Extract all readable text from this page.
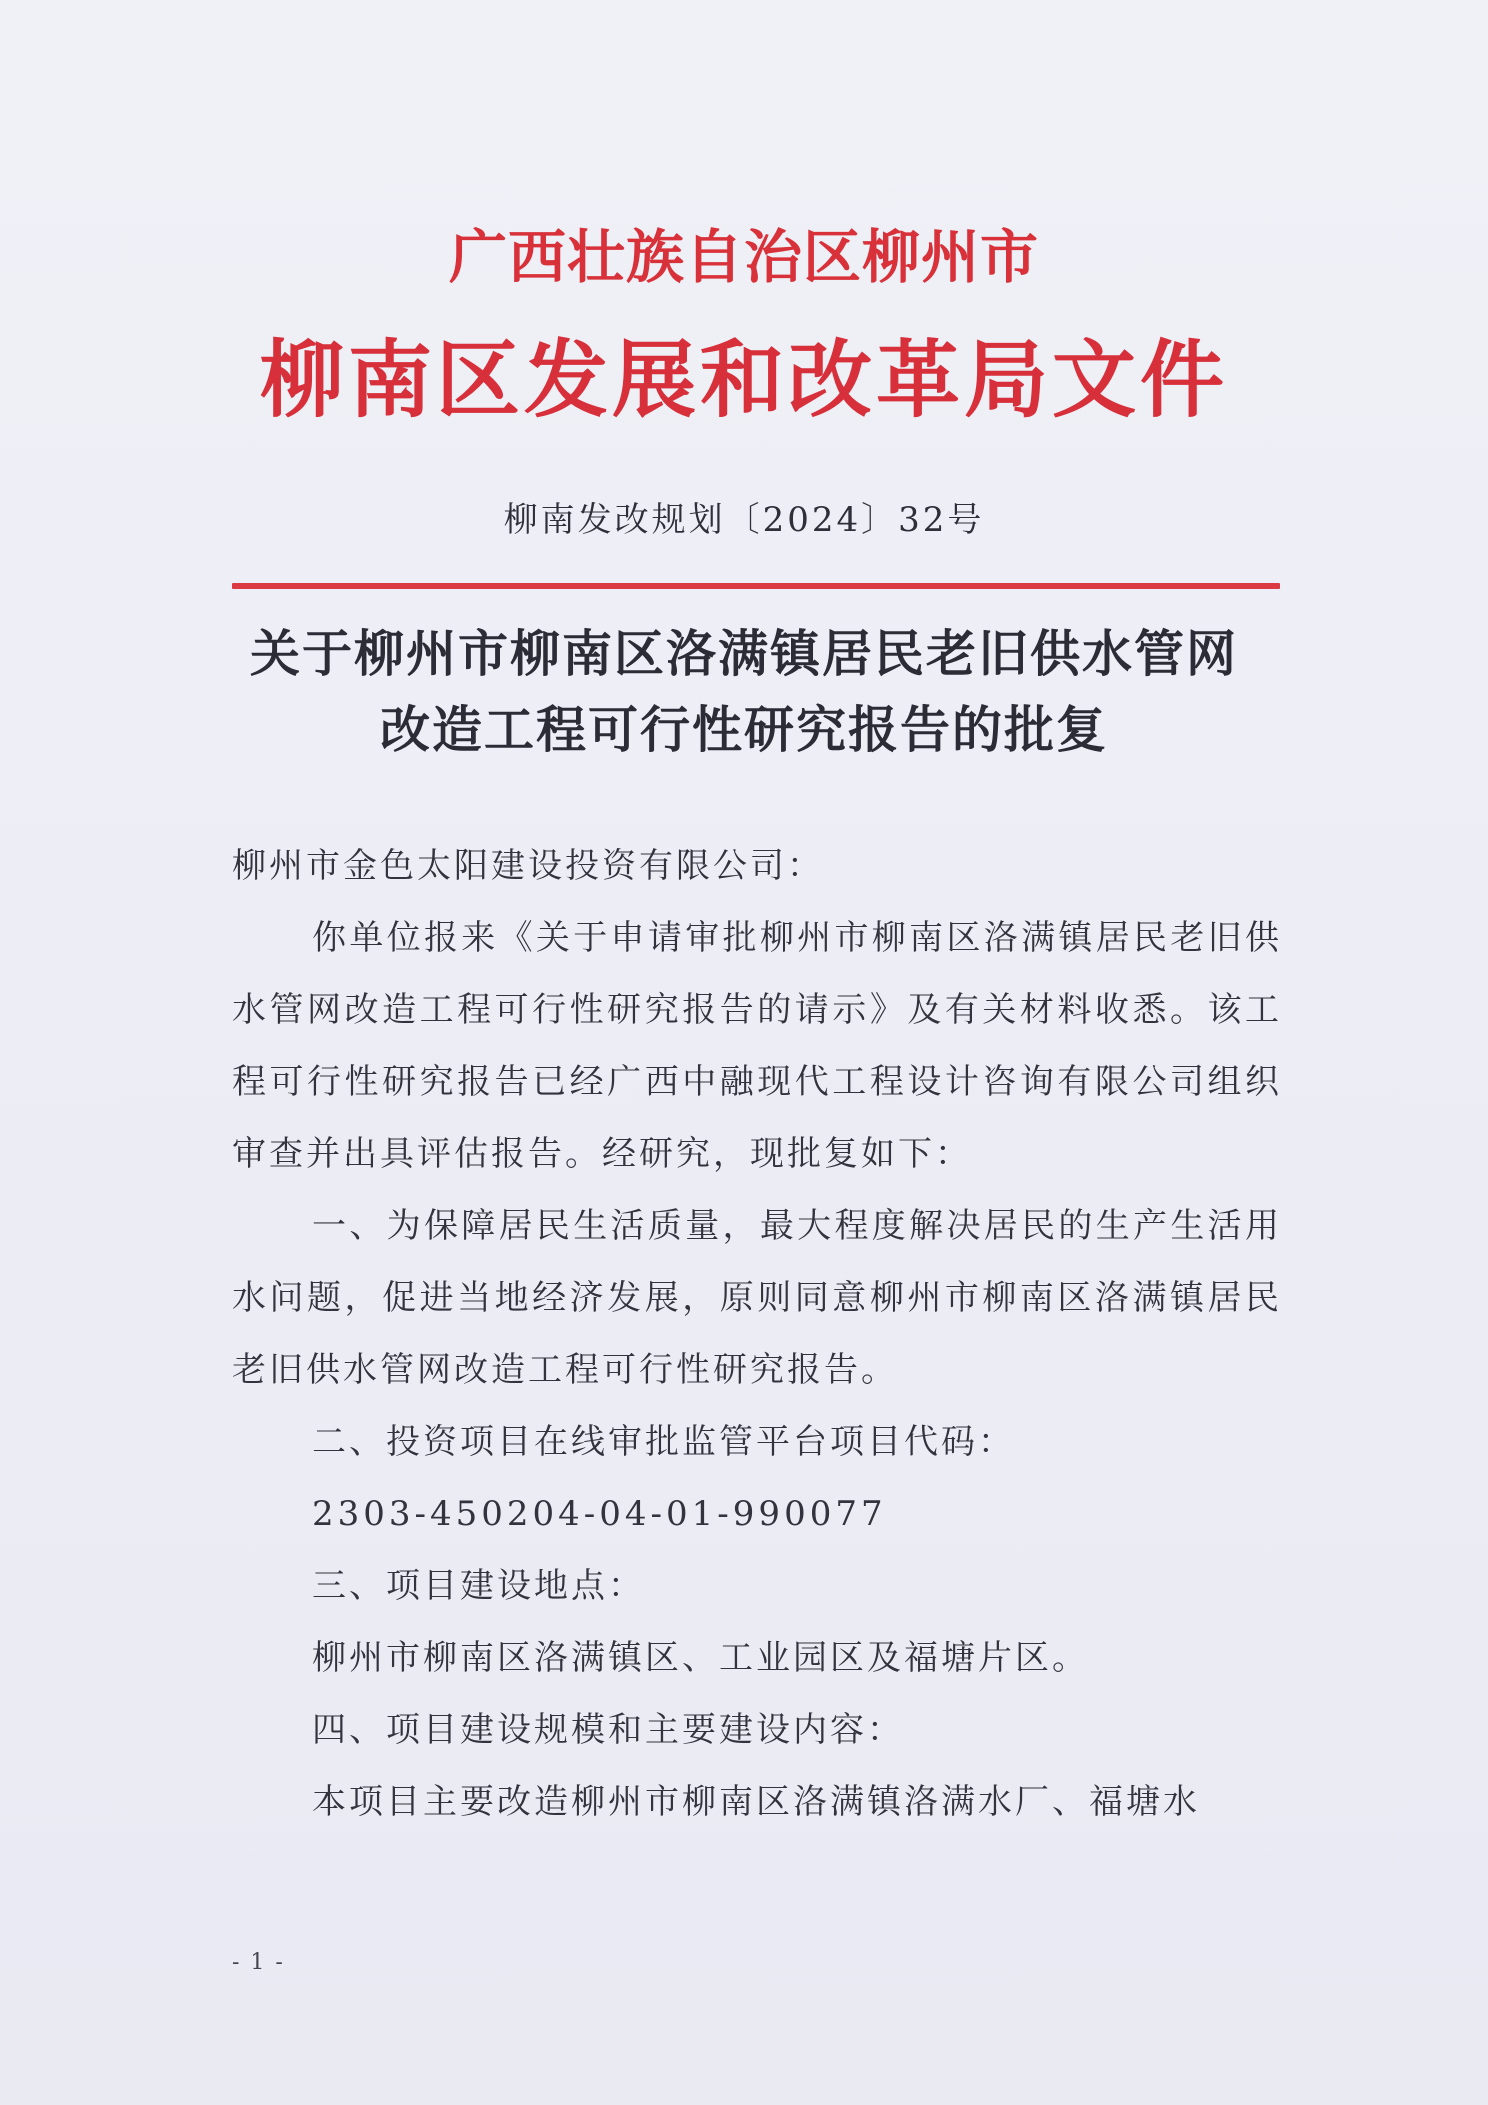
广西壮族自治区柳州市
柳南区发展和改革局文件
柳南发改规划〔2024〕32号
关于柳州市柳南区洛满镇居民老旧供水管网
改造工程可行性研究报告的批复

柳州市金色太阳建设投资有限公司：

你单位报来《关于申请审批柳州市柳南区洛满镇居民老旧供水管网改造工程可行性研究报告的请示》及有关材料收悉。该工程可行性研究报告已经广西中融现代工程设计咨询有限公司组织审查并出具评估报告。经研究，现批复如下：

一、为保障居民生活质量，最大程度解决居民的生产生活用水问题，促进当地经济发展，原则同意柳州市柳南区洛满镇居民老旧供水管网改造工程可行性研究报告。

二、投资项目在线审批监管平台项目代码：

2303-450204-04-01-990077

三、项目建设地点：

柳州市柳南区洛满镇区、工业园区及福塘片区。

四、项目建设规模和主要建设内容：

本项目主要改造柳州市柳南区洛满镇洛满水厂、福塘水

- 1 -
